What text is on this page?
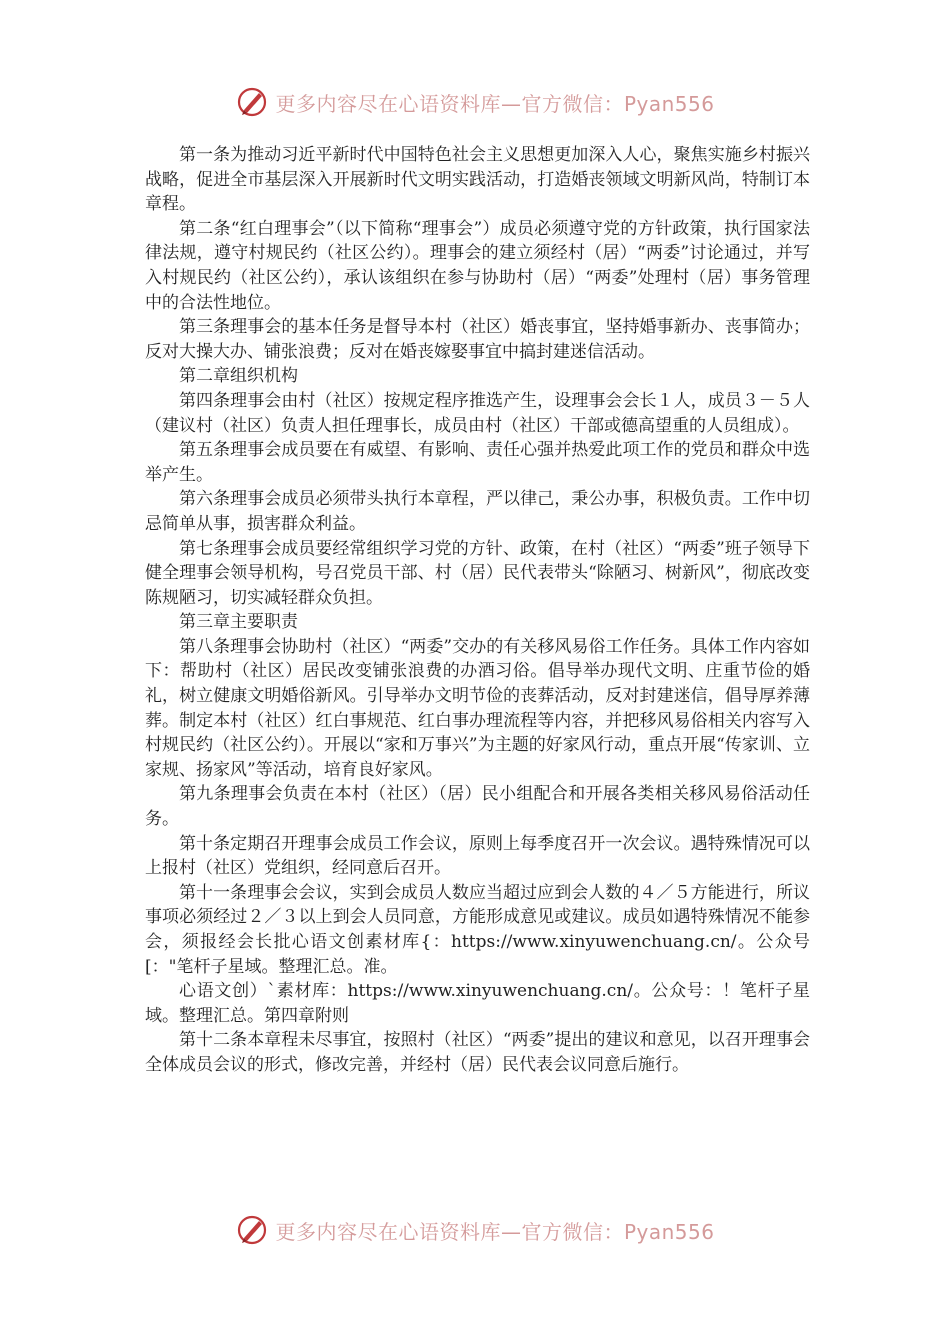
更多内容尽在心语资料库—官方微信：Pyan556

第一条为推动习近平新时代中国特色社会主义思想更加深入人心，聚焦实施乡村振兴战略，促进全市基层深入开展新时代文明实践活动，打造婚丧领域文明新风尚，特制订本章程。

第二条“红白理事会”（以下简称“理事会”）成员必须遵守党的方针政策，执行国家法律法规，遵守村规民约（社区公约）。理事会的建立须经村（居）“两委”讨论通过，并写入村规民约（社区公约），承认该组织在参与协助村（居）“两委”处理村（居）事务管理中的合法性地位。

第三条理事会的基本任务是督导本村（社区）婚丧事宜，坚持婚事新办、丧事简办；反对大操大办、铺张浪费；反对在婚丧嫁娶事宜中搞封建迷信活动。

第二章组织机构

第四条理事会由村（社区）按规定程序推选产生，设理事会会长１人，成员３－５人（建议村（社区）负责人担任理事长，成员由村（社区）干部或德高望重的人员组成）。

第五条理事会成员要在有威望、有影响、责任心强并热爱此项工作的党员和群众中选举产生。

第六条理事会成员必须带头执行本章程，严以律己，秉公办事，积极负责。工作中切忌简单从事，损害群众利益。

第七条理事会成员要经常组织学习党的方针、政策，在村（社区）“两委”班子领导下健全理事会领导机构，号召党员干部、村（居）民代表带头“除陋习、树新风”，彻底改变陈规陋习，切实减轻群众负担。

第三章主要职责

第八条理事会协助村（社区）“两委”交办的有关移风易俗工作任务。具体工作内容如下：帮助村（社区）居民改变铺张浪费的办酒习俗。倡导举办现代文明、庄重节俭的婚礼，树立健康文明婚俗新风。引导举办文明节俭的丧葬活动，反对封建迷信，倡导厚养薄葬。制定本村（社区）红白事规范、红白事办理流程等内容，并把移风易俗相关内容写入村规民约（社区公约）。开展以“家和万事兴”为主题的好家风行动，重点开展“传家训、立家规、扬家风”等活动，培育良好家风。

第九条理事会负责在本村（社区）（居）民小组配合和开展各类相关移风易俗活动任务。

第十条定期召开理事会成员工作会议，原则上每季度召开一次会议。遇特殊情况可以上报村（社区）党组织，经同意后召开。

第十一条理事会会议，实到会成员人数应当超过应到会人数的４／５方能进行，所议事项必须经过２／３以上到会人员同意，方能形成意见或建议。成员如遇特殊情况不能参会，须报经会长批心语文创素材库{：https://www.xinyuwenchuang.cn/。公众号[："笔杆子星域。整理汇总。准。

心语文创）`素材库：https://www.xinyuwenchuang.cn/。公众号：！笔杆子星域。整理汇总。第四章附则

第十二条本章程未尽事宜，按照村（社区）“两委”提出的建议和意见，以召开理事会全体成员会议的形式，修改完善，并经村（居）民代表会议同意后施行。

更多内容尽在心语资料库—官方微信：Pyan556
